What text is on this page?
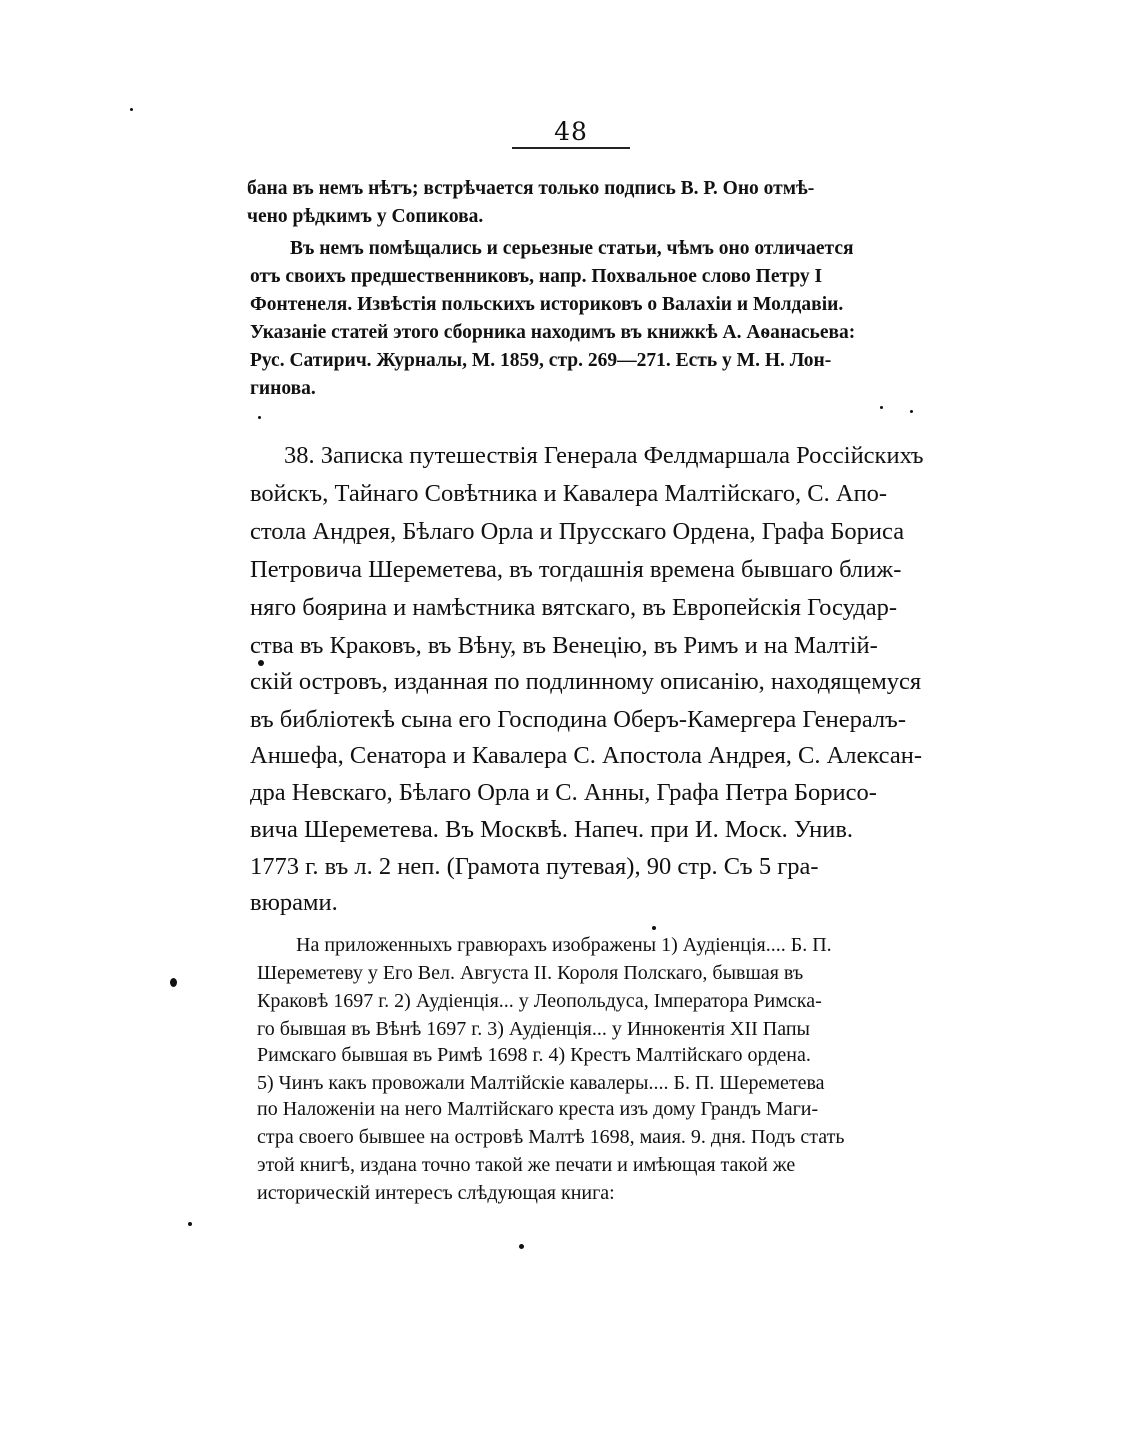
48
бана въ немъ нѣтъ; встрѣчается только подпись В. Р. Оно отмѣ-
чено рѣдкимъ у Сопикова.
Въ немъ помѣщались и серьезные статьи, чѣмъ оно отличается
отъ своихъ предшественниковъ, напр. Похвальное слово Петру I
Фонтенеля. Извѣстія польскихъ историковъ о Валахіи и Молдавіи.
Указаніе статей этого сборника находимъ въ книжкѣ А. Аѳанасьева:
Рус. Сатирич. Журналы, М. 1859, стр. 269—271. Есть у М. Н. Лон-
гинова.
38. Записка путешествія Генерала Фелдмаршала Россійскихъ
войскъ, Тайнаго Совѣтника и Кавалера Малтійскаго, С. Апо-
стола Андрея, Бѣлаго Орла и Прусскаго Ордена, Графа Бориса
Петровича Шереметева, въ тогдашнія времена бывшаго ближ-
няго боярина и намѣстника вятскаго, въ Европейскія Государ-
ства въ Краковъ, въ Вѣну, въ Венецію, въ Римъ и на Малтій-
скій островъ, изданная по подлинному описанію, находящемуся
въ библіотекѣ сына его Господина Оберъ-Камергера Генералъ-
Аншефа, Сенатора и Кавалера С. Апостола Андрея, С. Алексан-
дра Невскаго, Бѣлаго Орла и С. Анны, Графа Петра Борисо-
вича Шереметева. Въ Москвѣ. Напеч. при И. Моск. Унив.
1773 г. въ л. 2 неп. (Грамота путевая), 90 стр. Съ 5 гра-
вюрами.
На приложенныхъ гравюрахъ изображены 1) Аудіенція.... Б. П.
Шереметеву у Его Вел. Августа II. Короля Полскаго, бывшая въ
Краковѣ 1697 г. 2) Аудіенція... у Леопольдуса, Імператора Римска-
го бывшая въ Вѣнѣ 1697 г. 3) Аудіенція... у Иннокентія XII Папы
Римскаго бывшая въ Римѣ 1698 г. 4) Крестъ Малтійскаго ордена.
5) Чинъ какъ провожали Малтійскіе кавалеры.... Б. П. Шереметева
по Наложеніи на него Малтійскаго креста изъ дому Грандъ Маги-
стра своего бывшее на островѣ Малтѣ 1698, маия. 9. дня. Подъ стать
этой книгѣ, издана точно такой же печати и имѣющая такой же
историческій интересъ слѣдующая книга:
